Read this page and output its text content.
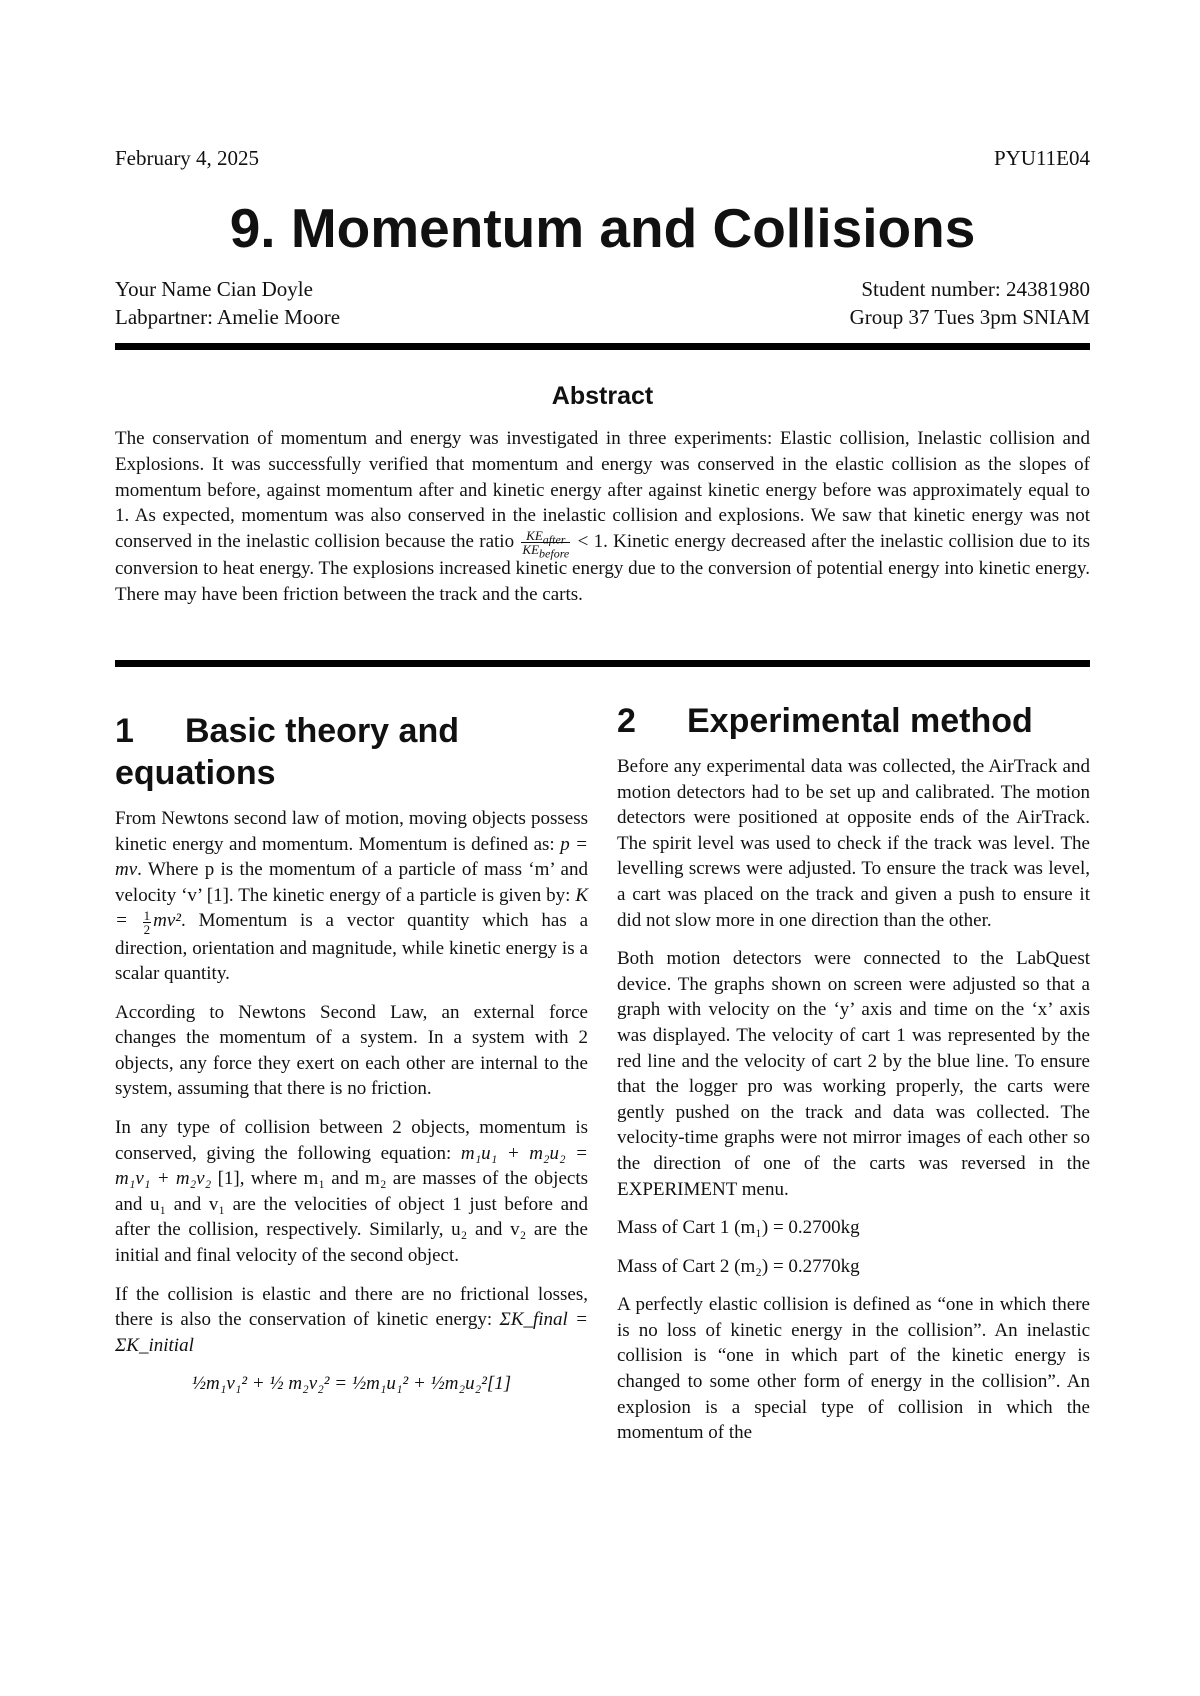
February 4, 2025	PYU11E04
9. Momentum and Collisions
Your Name Cian Doyle	Student number: 24381980
Labpartner: Amelie Moore	Group 37 Tues 3pm SNIAM
Abstract

The conservation of momentum and energy was investigated in three experiments: Elastic collision, Inelastic collision and Explosions. It was successfully verified that momentum and energy was conserved in the elastic collision as the slopes of momentum before, against momentum after and kinetic energy after against kinetic energy before was approximately equal to 1. As expected, momentum was also conserved in the inelastic collision and explosions. We saw that kinetic energy was not conserved in the inelastic collision because the ratio $\frac{KE_{after}}{KE_{before}} < 1$. Kinetic energy decreased after the inelastic collision due to its conversion to heat energy. The explosions increased kinetic energy due to the conversion of potential energy into kinetic energy. There may have been friction between the track and the carts.

1 Basic theory and equations

From Newtons second law of motion, moving objects possess kinetic energy and momentum. Momentum is defined as: p = mv. Where p is the momentum of a particle of mass ‘m’ and velocity ‘v’ [1]. The kinetic energy of a particle is given by: $K = \frac{1}{2} mv^2$. Momentum is a vector quantity which has a direction, orientation and magnitude, while kinetic energy is a scalar quantity.

According to Newtons Second Law, an external force changes the momentum of a system. In a system with 2 objects, any force they exert on each other are internal to the system, assuming that there is no friction.

In any type of collision between 2 objects, momentum is conserved, giving the following equation: m₁u₁ + m₂u₂ = m₁v₁ + m₂v₂ [1], where m₁ and m₂ are masses of the objects and u₁ and v₁ are the velocities of object 1 just before and after the collision, respectively. Similarly, u₂ and v₂ are the initial and final velocity of the second object.

If the collision is elastic and there are no frictional losses, there is also the conservation of kinetic energy: ΣK_final = ΣK_initial

½m₁v₁² + ½ m₂v₂² = ½m₁u₁² + ½m₂u₂²[1]
2 Experimental method

Before any experimental data was collected, the AirTrack and motion detectors had to be set up and calibrated. The motion detectors were positioned at opposite ends of the AirTrack. The spirit level was used to check if the track was level. The levelling screws were adjusted. To ensure the track was level, a cart was placed on the track and given a push to ensure it did not slow more in one direction than the other.

Both motion detectors were connected to the LabQuest device. The graphs shown on screen were adjusted so that a graph with velocity on the ‘y’ axis and time on the ‘x’ axis was displayed. The velocity of cart 1 was represented by the red line and the velocity of cart 2 by the blue line. To ensure that the logger pro was working properly, the carts were gently pushed on the track and data was collected. The velocity-time graphs were not mirror images of each other so the direction of one of the carts was reversed in the EXPERIMENT menu.

Mass of Cart 1 (m₁) = 0.2700kg

Mass of Cart 2 (m₂) = 0.2770kg

A perfectly elastic collision is defined as “one in which there is no loss of kinetic energy in the collision”. An inelastic collision is “one in which part of the kinetic energy is changed to some other form of energy in the collision”. An explosion is a special type of collision in which the momentum of the
